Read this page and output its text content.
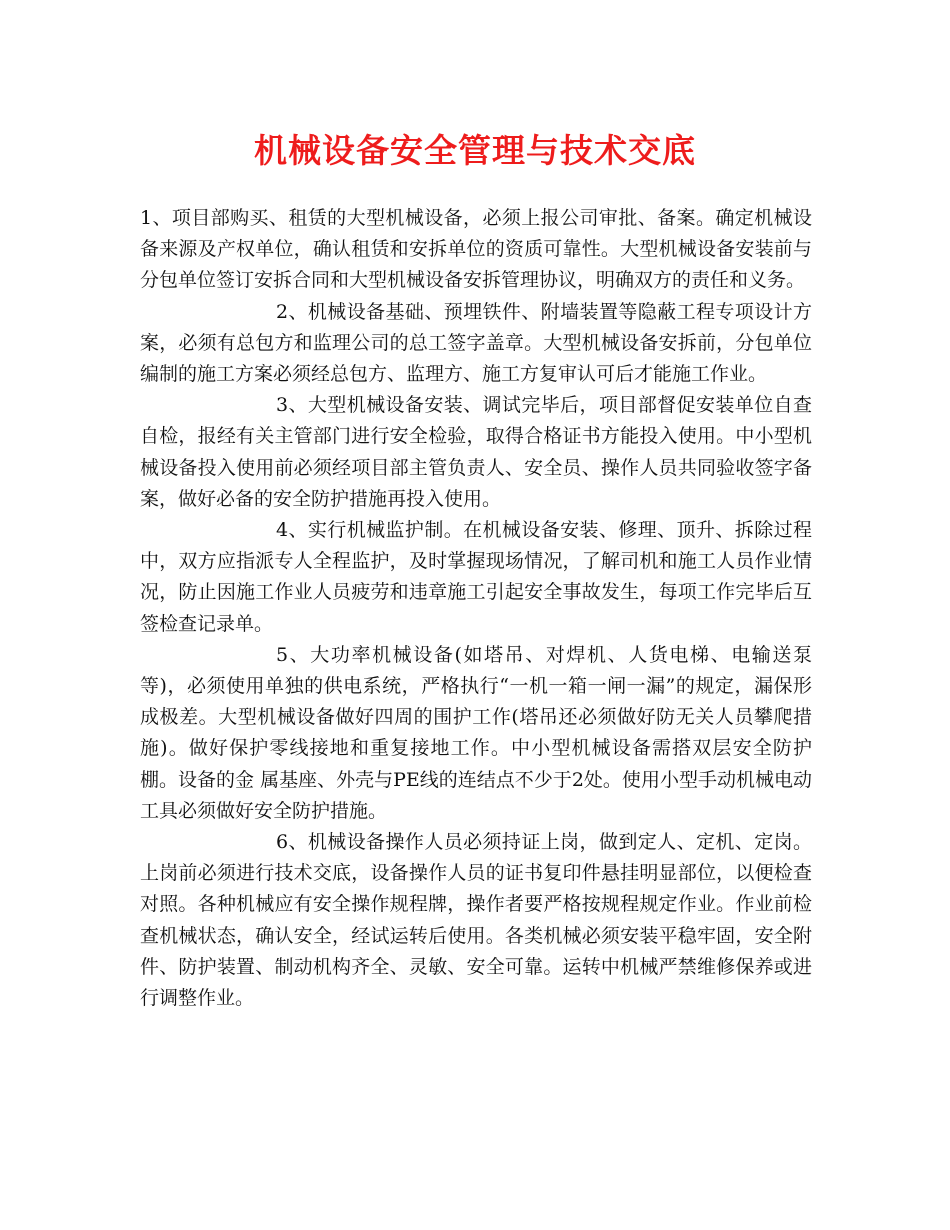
机械设备安全管理与技术交底

1、项目部购买、租赁的大型机械设备，必须上报公司审批、备案。确定机械设备来源及产权单位，确认租赁和安拆单位的资质可靠性。大型机械设备安装前与分包单位签订安拆合同和大型机械设备安拆管理协议，明确双方的责任和义务。

2、机械设备基础、预埋铁件、附墙装置等隐蔽工程专项设计方案，必须有总包方和监理公司的总工签字盖章。大型机械设备安拆前，分包单位编制的施工方案必须经总包方、监理方、施工方复审认可后才能施工作业。

3、大型机械设备安装、调试完毕后，项目部督促安装单位自查自检，报经有关主管部门进行安全检验，取得合格证书方能投入使用。中小型机械设备投入使用前必须经项目部主管负责人、安全员、操作人员共同验收签字备案，做好必备的安全防护措施再投入使用。

4、实行机械监护制。在机械设备安装、修理、顶升、拆除过程中，双方应指派专人全程监护，及时掌握现场情况，了解司机和施工人员作业情况，防止因施工作业人员疲劳和违章施工引起安全事故发生，每项工作完毕后互签检查记录单。

5、大功率机械设备(如塔吊、对焊机、人货电梯、电输送泵等)，必须使用单独的供电系统，严格执行“一机一箱一闸一漏”的规定，漏保形成极差。大型机械设备做好四周的围护工作(塔吊还必须做好防无关人员攀爬措施)。做好保护零线接地和重复接地工作。中小型机械设备需搭双层安全防护棚。设备的金 属基座、外壳与PE线的连结点不少于2处。使用小型手动机械电动工具必须做好安全防护措施。

6、机械设备操作人员必须持证上岗，做到定人、定机、定岗。上岗前必须进行技术交底，设备操作人员的证书复印件悬挂明显部位，以便检查对照。各种机械应有安全操作规程牌，操作者要严格按规程规定作业。作业前检查机械状态，确认安全，经试运转后使用。各类机械必须安装平稳牢固，安全附件、防护装置、制动机构齐全、灵敏、安全可靠。运转中机械严禁维修保养或进行调整作业。
